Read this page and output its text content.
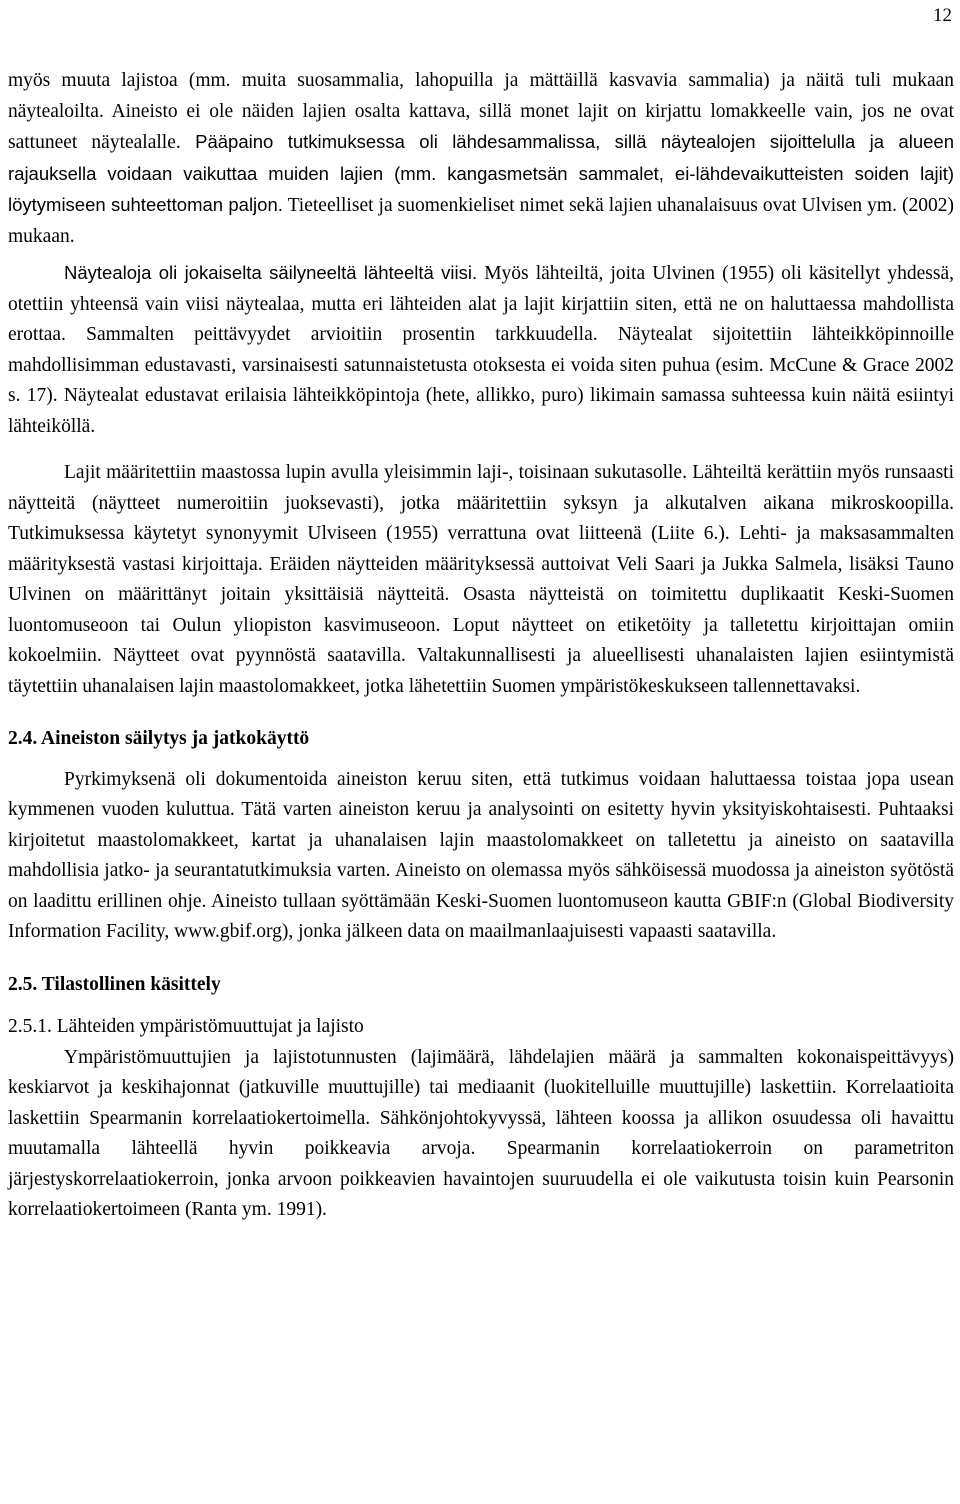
12

myös muuta lajistoa (mm. muita suosammalia, lahopuilla ja mättäillä kasvavia sammalia) ja näitä tuli mukaan näytealoilta. Aineisto ei ole näiden lajien osalta kattava, sillä monet lajit on kirjattu lomakkeelle vain, jos ne ovat sattuneet näytealalle. Pääpaino tutkimuksessa oli lähdesammalissa, sillä näytealojen sijoittelulla ja alueen rajauksella voidaan vaikuttaa muiden lajien (mm. kangasmetsän sammalet, ei-lähdevaikutteisten soiden lajit) löytymiseen suhteettoman paljon. Tieteelliset ja suomenkieliset nimet sekä lajien uhanalaisuus ovat Ulvisen ym. (2002) mukaan.

Näytealoja oli jokaiselta säilyneeltä lähteeltä viisi. Myös lähteiltä, joita Ulvinen (1955) oli käsitellyt yhdessä, otettiin yhteensä vain viisi näytealaa, mutta eri lähteiden alat ja lajit kirjattiin siten, että ne on haluttaessa mahdollista erottaa. Sammalten peittävyydet arvioitiin prosentin tarkkuudella. Näytealat sijoitettiin lähteikköpinnoille mahdollisimman edustavasti, varsinaisesti satunnaistetusta otoksesta ei voida siten puhua (esim. McCune & Grace 2002 s. 17). Näytealat edustavat erilaisia lähteikköpintoja (hete, allikko, puro) likimain samassa suhteessa kuin näitä esiintyi lähteiköllä.

Lajit määritettiin maastossa lupin avulla yleisimmin laji-, toisinaan sukutasolle. Lähteiltä kerättiin myös runsaasti näytteitä (näytteet numeroitiin juoksevasti), jotka määritettiin syksyn ja alkutalven aikana mikroskoopilla. Tutkimuksessa käytetyt synonyymit Ulviseen (1955) verrattuna ovat liitteenä (Liite 6.). Lehti- ja maksasammalten määrityksestä vastasi kirjoittaja. Eräiden näytteiden määrityksessä auttoivat Veli Saari ja Jukka Salmela, lisäksi Tauno Ulvinen on määrittänyt joitain yksittäisiä näytteitä. Osasta näytteistä on toimitettu duplikaatit Keski-Suomen luontomuseoon tai Oulun yliopiston kasvimuseoon. Loput näytteet on etiketöity ja talletettu kirjoittajan omiin kokoelmiin. Näytteet ovat pyynnöstä saatavilla. Valtakunnallisesti ja alueellisesti uhanalaisten lajien esiintymistä täytettiin uhanalaisen lajin maastolomakkeet, jotka lähetettiin Suomen ympäristökeskukseen tallennettavaksi.

2.4. Aineiston säilytys ja jatkokäyttö

Pyrkimyksenä oli dokumentoida aineiston keruu siten, että tutkimus voidaan haluttaessa toistaa jopa usean kymmenen vuoden kuluttua. Tätä varten aineiston keruu ja analysointi on esitetty hyvin yksityiskohtaisesti. Puhtaaksi kirjoitetut maastolomakkeet, kartat ja uhanalaisen lajin maastolomakkeet on talletettu ja aineisto on saatavilla mahdollisia jatko- ja seurantatutkimuksia varten. Aineisto on olemassa myös sähköisessä muodossa ja aineiston syötöstä on laadittu erillinen ohje. Aineisto tullaan syöttämään Keski-Suomen luontomuseon kautta GBIF:n (Global Biodiversity Information Facility, www.gbif.org), jonka jälkeen data on maailmanlaajuisesti vapaasti saatavilla.

2.5. Tilastollinen käsittely
2.5.1. Lähteiden ympäristömuuttujat ja lajisto

Ympäristömuuttujien ja lajistotunnusten (lajimäärä, lähdelajien määrä ja sammalten kokonaispeittävyys) keskiarvot ja keskihajonnat (jatkuville muuttujille) tai mediaanit (luokitelluille muuttujille) laskettiin. Korrelaatioita laskettiin Spearmanin korrelaatiokertoimella. Sähkönjohtokyvyssä, lähteen koossa ja allikon osuudessa oli havaittu muutamalla lähteellä hyvin poikkeavia arvoja. Spearmanin korrelaatiokerroin on parametriton järjestyskorrelaatiokerroin, jonka arvoon poikkeavien havaintojen suuruudella ei ole vaikutusta toisin kuin Pearsonin korrelaatiokertoimeen (Ranta ym. 1991).
